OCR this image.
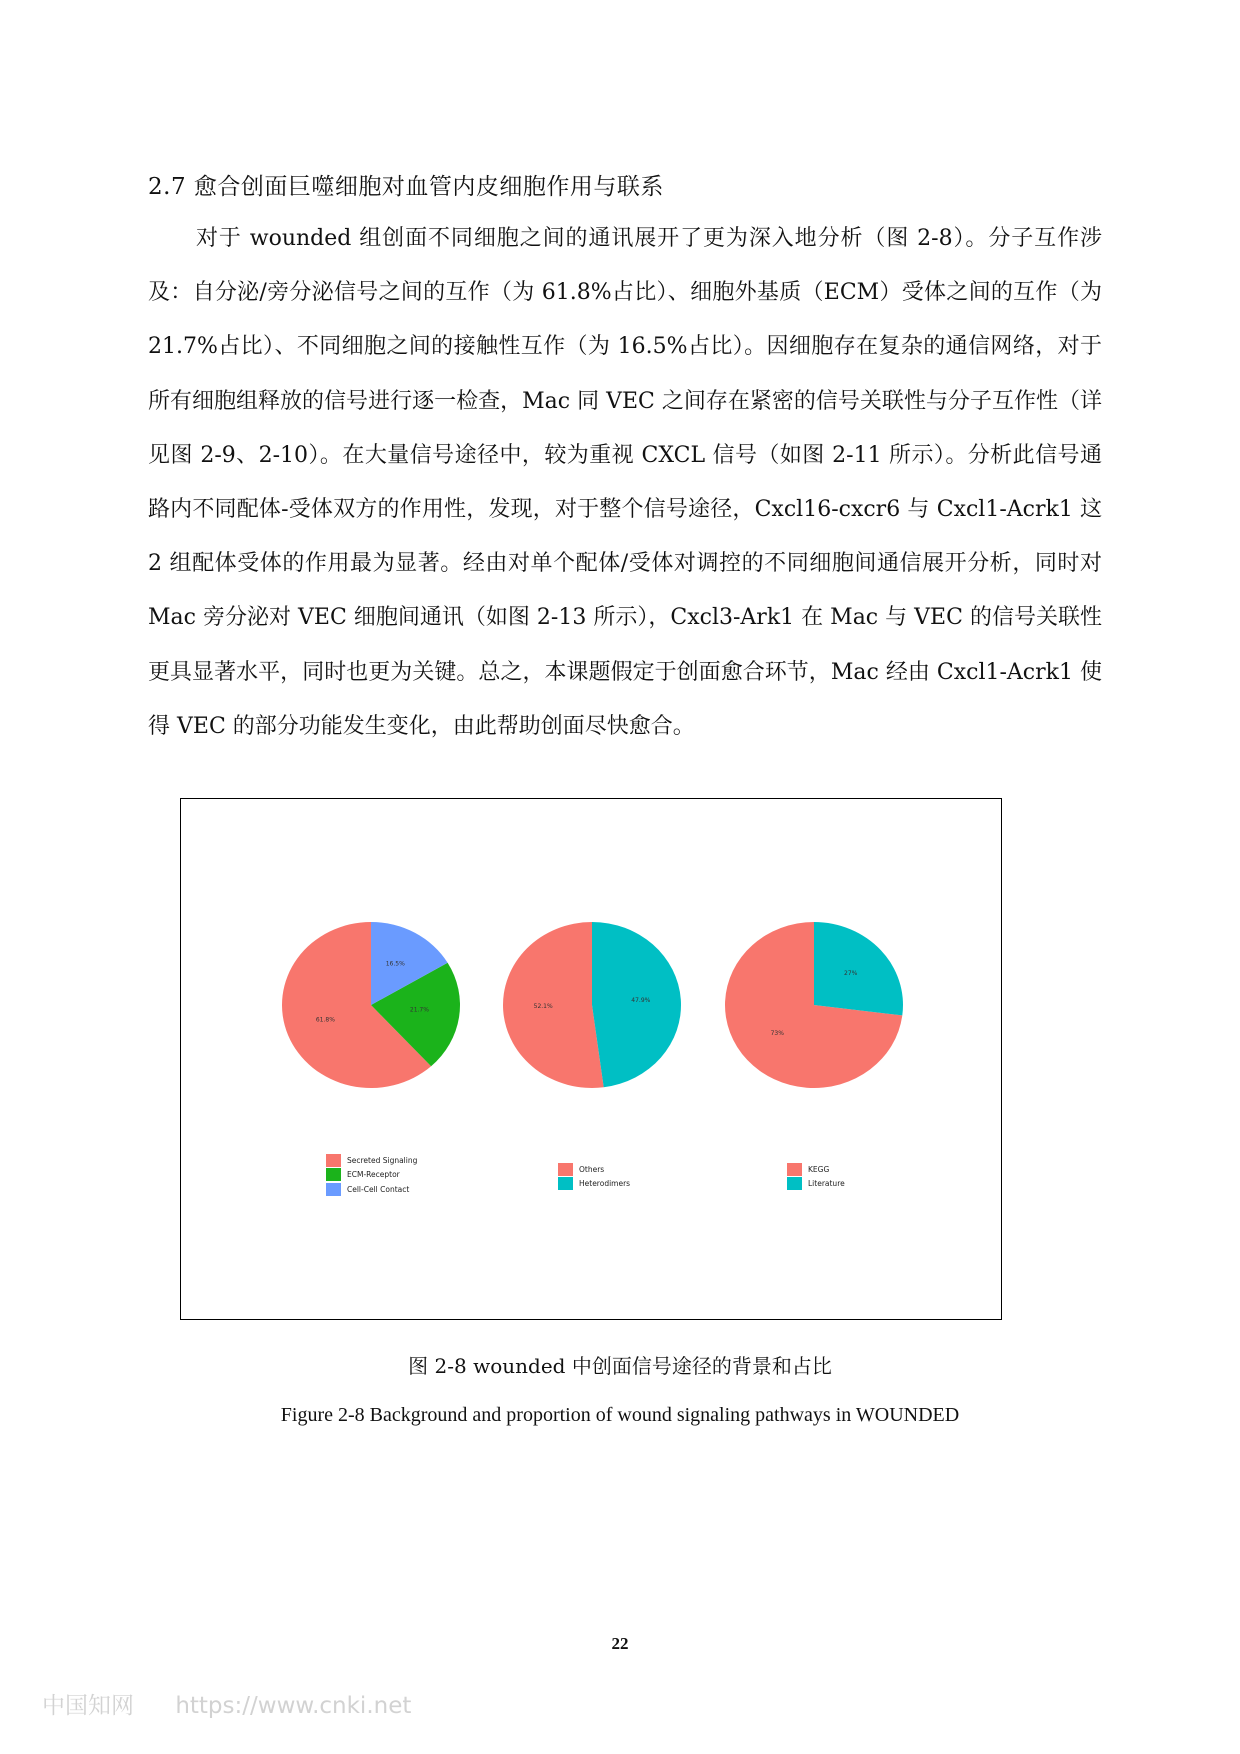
2.7 愈合创面巨噬细胞对血管内皮细胞作用与联系

对于 wounded 组创面不同细胞之间的通讯展开了更为深入地分析（图 2-8）。分子互作涉及：自分泌/旁分泌信号之间的互作（为 61.8%占比）、细胞外基质（ECM）受体之间的互作（为 21.7%占比）、不同细胞之间的接触性互作（为 16.5%占比）。因细胞存在复杂的通信网络，对于所有细胞组释放的信号进行逐一检查，Mac 同 VEC 之间存在紧密的信号关联性与分子互作性（详见图 2-9、2-10）。在大量信号途径中，较为重视 CXCL 信号（如图 2-11 所示）。分析此信号通路内不同配体-受体双方的作用性，发现，对于整个信号途径，Cxcl16-cxcr6 与 Cxcl1-Acrk1 这 2 组配体受体的作用最为显著。经由对单个配体/受体对调控的不同细胞间通信展开分析，同时对 Mac 旁分泌对 VEC 细胞间通讯（如图 2-13 所示），Cxcl3-Ark1 在 Mac 与 VEC 的信号关联性更具显著水平，同时也更为关键。总之，本课题假定于创面愈合环节，Mac 经由 Cxcl1-Acrk1 使得 VEC 的部分功能发生变化，由此帮助创面尽快愈合。

61.8%
21.7%
16.5%
52.1%
47.9%
73%
27%
Secreted Signaling
ECM-Receptor
Cell-Cell Contact
Others
Heterodimers
KEGG
Literature
图 2-8 wounded 中创面信号途径的背景和占比
Figure 2-8 Background and proportion of wound signaling pathways in WOUNDED
22
中国知网 https://www.cnki.net
